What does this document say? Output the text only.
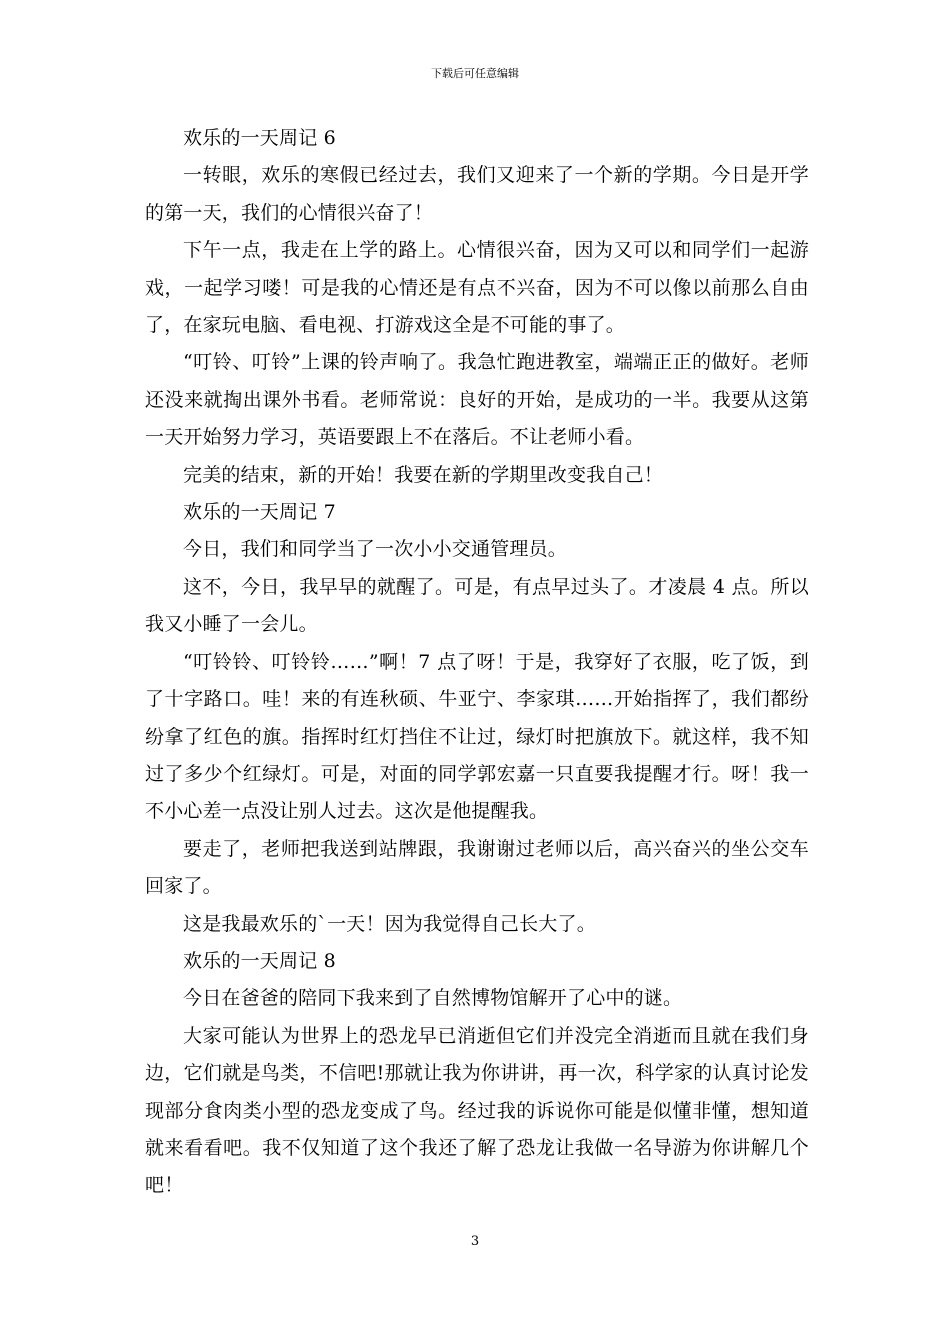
下载后可任意编辑

欢乐的一天周记 6

一转眼，欢乐的寒假已经过去，我们又迎来了一个新的学期。今日是开学的第一天，我们的心情很兴奋了！

下午一点，我走在上学的路上。心情很兴奋，因为又可以和同学们一起游戏，一起学习喽！可是我的心情还是有点不兴奋，因为不可以像以前那么自由了，在家玩电脑、看电视、打游戏这全是不可能的事了。

“叮铃、叮铃”上课的铃声响了。我急忙跑进教室，端端正正的做好。老师还没来就掏出课外书看。老师常说：良好的开始，是成功的一半。我要从这第一天开始努力学习，英语要跟上不在落后。不让老师小看。

完美的结束，新的开始！我要在新的学期里改变我自己！

欢乐的一天周记 7

今日，我们和同学当了一次小小交通管理员。

这不，今日，我早早的就醒了。可是，有点早过头了。才凌晨 4 点。所以我又小睡了一会儿。

“叮铃铃、叮铃铃……”啊！7 点了呀！于是，我穿好了衣服，吃了饭，到了十字路口。哇！来的有连秋硕、牛亚宁、李家琪……开始指挥了，我们都纷纷拿了红色的旗。指挥时红灯挡住不让过，绿灯时把旗放下。就这样，我不知过了多少个红绿灯。可是，对面的同学郭宏嘉一只直要我提醒才行。呀！我一不小心差一点没让别人过去。这次是他提醒我。

要走了，老师把我送到站牌跟，我谢谢过老师以后，高兴奋兴的坐公交车回家了。

这是我最欢乐的`一天！因为我觉得自己长大了。

欢乐的一天周记 8

今日在爸爸的陪同下我来到了自然博物馆解开了心中的谜。

大家可能认为世界上的恐龙早已消逝但它们并没完全消逝而且就在我们身边，它们就是鸟类，不信吧!那就让我为你讲讲，再一次，科学家的认真讨论发现部分食肉类小型的恐龙变成了鸟。经过我的诉说你可能是似懂非懂，想知道就来看看吧。我不仅知道了这个我还了解了恐龙让我做一名导游为你讲解几个吧！

3
